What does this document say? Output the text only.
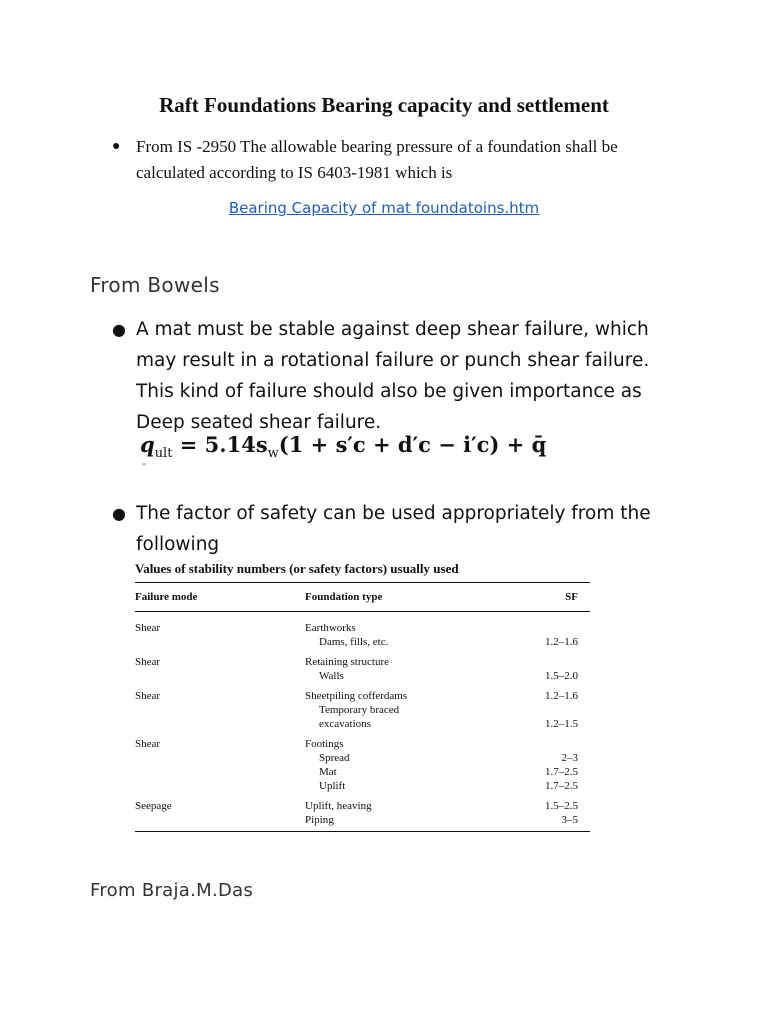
Raft Foundations Bearing capacity and settlement
● From IS -2950 The allowable bearing pressure of a foundation shall be calculated according to IS 6403-1981 which is
Bearing Capacity of mat foundatoins.htm
From Bowels
● A mat must be stable against deep shear failure, which may result in a rotational failure or punch shear failure. This kind of failure should also be given importance as Deep seated shear failure.
$q_{ult} = 5.14s_w(1 + s'c + d'c - i'c)$ + q̄
-
● The factor of safety can be used appropriately from the following
Values of stability numbers (or safety factors) usually used
Failure mode	Foundation type	SF
Shear	Earthworks	
	Dams, fills, etc.	1.2–1.6
Shear	Retaining structure	
	Walls	1.5–2.0
Shear	Sheetpiling cofferdams	1.2–1.6
	Temporary braced	
	excavations	1.2–1.5
Shear	Footings	
	Spread	2–3
	Mat	1.7–2.5
	Uplift	1.7–2.5
Seepage	Uplift, heaving	1.5–2.5
	Piping	3–5
From Braja.M.Das
